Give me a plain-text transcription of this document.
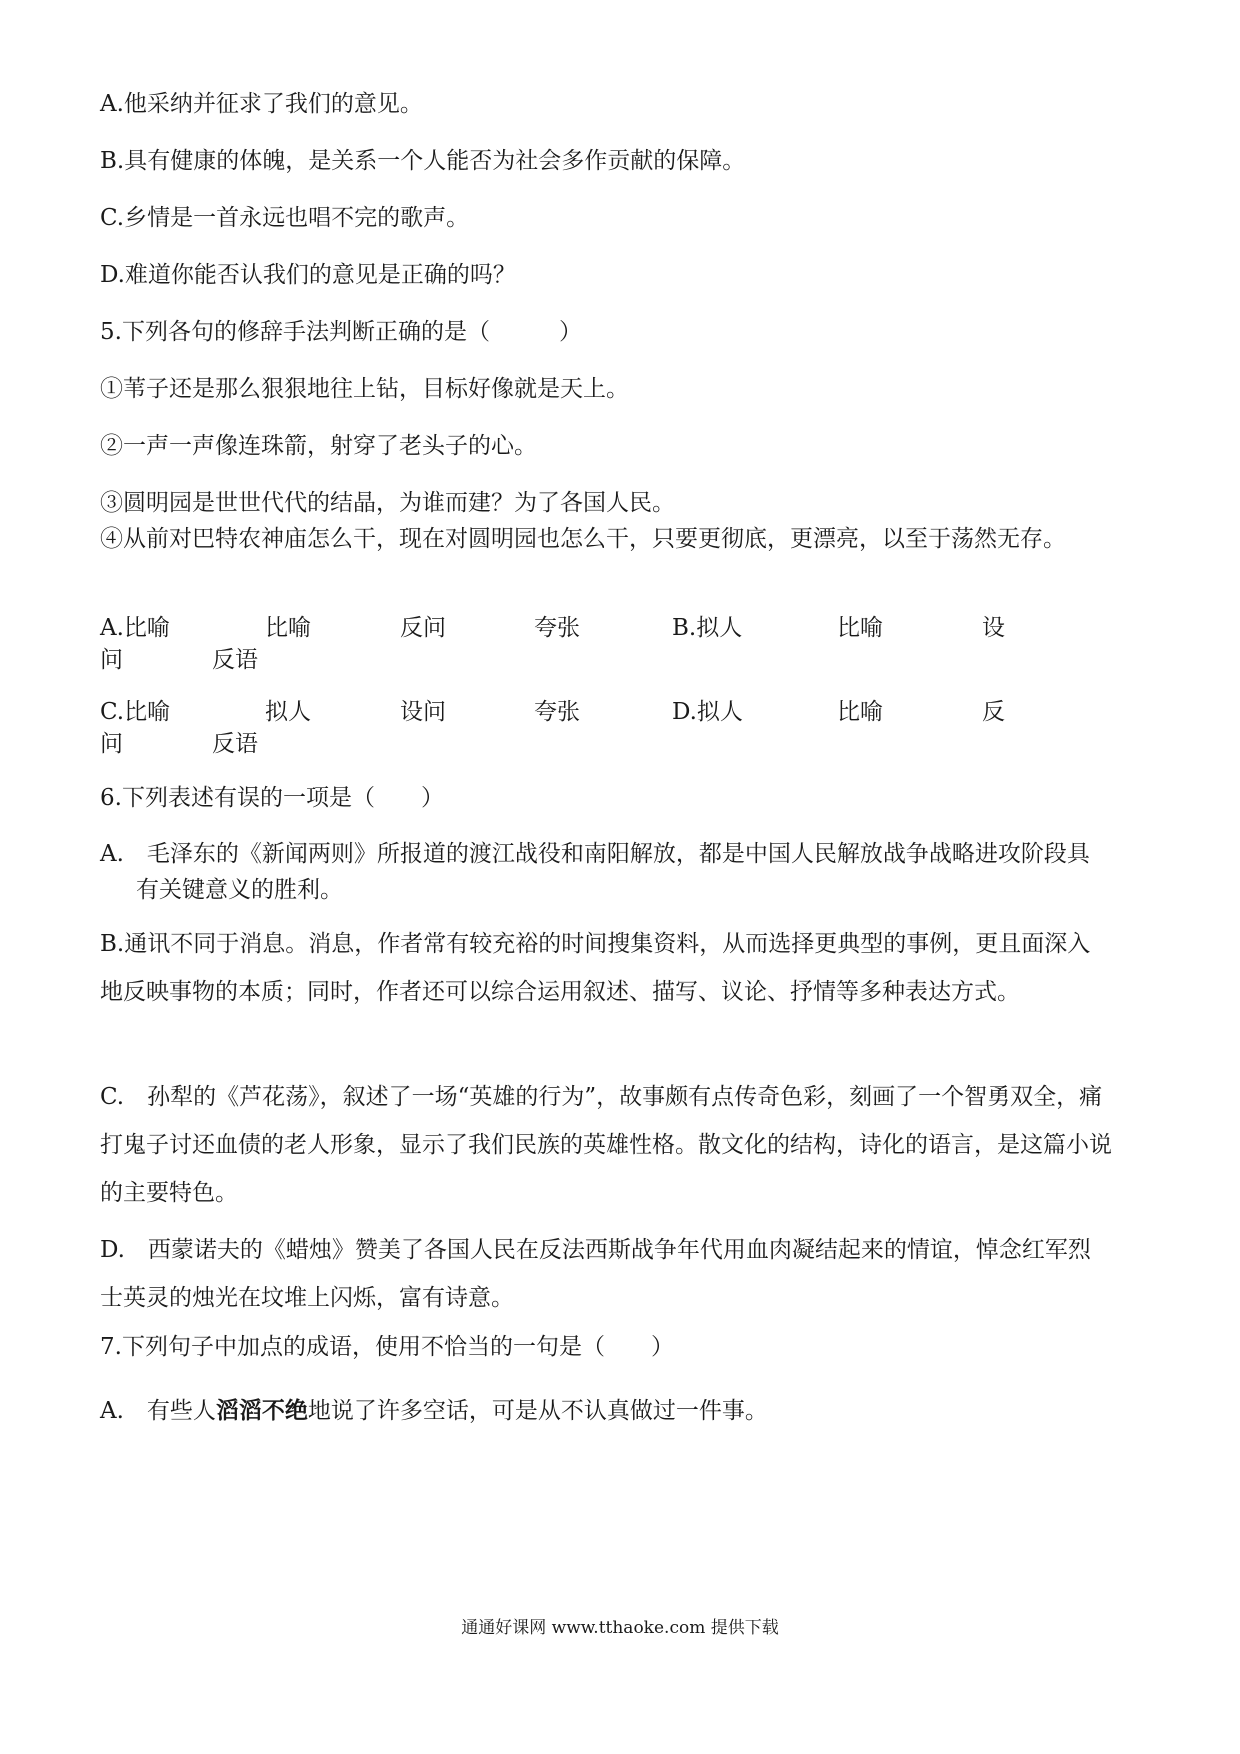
A.他采纳并征求了我们的意见。
B.具有健康的体魄，是关系一个人能否为社会多作贡献的保障。
C.乡情是一首永远也唱不完的歌声。
D.难道你能否认我们的意见是正确的吗？
5.下列各句的修辞手法判断正确的是（　　　）
①苇子还是那么狠狠地往上钻，目标好像就是天上。
②一声一声像连珠箭，射穿了老头子的心。
③圆明园是世世代代的结晶，为谁而建？为了各国人民。
④从前对巴特农神庙怎么干，现在对圆明园也怎么干，只要更彻底，更漂亮，以至于荡然无存。
A.比喻	比喻	反问	夸张	B.拟人	比喻	设
问	反语
C.比喻	拟人	设问	夸张	D.拟人	比喻	反
问	反语
6.下列表述有误的一项是（　　）
A.　毛泽东的《新闻两则》所报道的渡江战役和南阳解放，都是中国人民解放战争战略进攻阶段具有关键意义的胜利。
B.通讯不同于消息。消息，作者常有较充裕的时间搜集资料，从而选择更典型的事例，更且面深入地反映事物的本质；同时，作者还可以综合运用叙述、描写、议论、抒情等多种表达方式。
C.　孙犁的《芦花荡》，叙述了一场“英雄的行为”，故事颇有点传奇色彩，刻画了一个智勇双全，痛打鬼子讨还血债的老人形象，显示了我们民族的英雄性格。散文化的结构，诗化的语言，是这篇小说的主要特色。
D.　西蒙诺夫的《蜡烛》赞美了各国人民在反法西斯战争年代用血肉凝结起来的情谊，悼念红军烈士英灵的烛光在坟堆上闪烁，富有诗意。
7.下列句子中加点的成语，使用不恰当的一句是（　　）
A.　有些人滔滔不绝地说了许多空话，可是从不认真做过一件事。
通通好课网 www.tthaoke.com 提供下载
